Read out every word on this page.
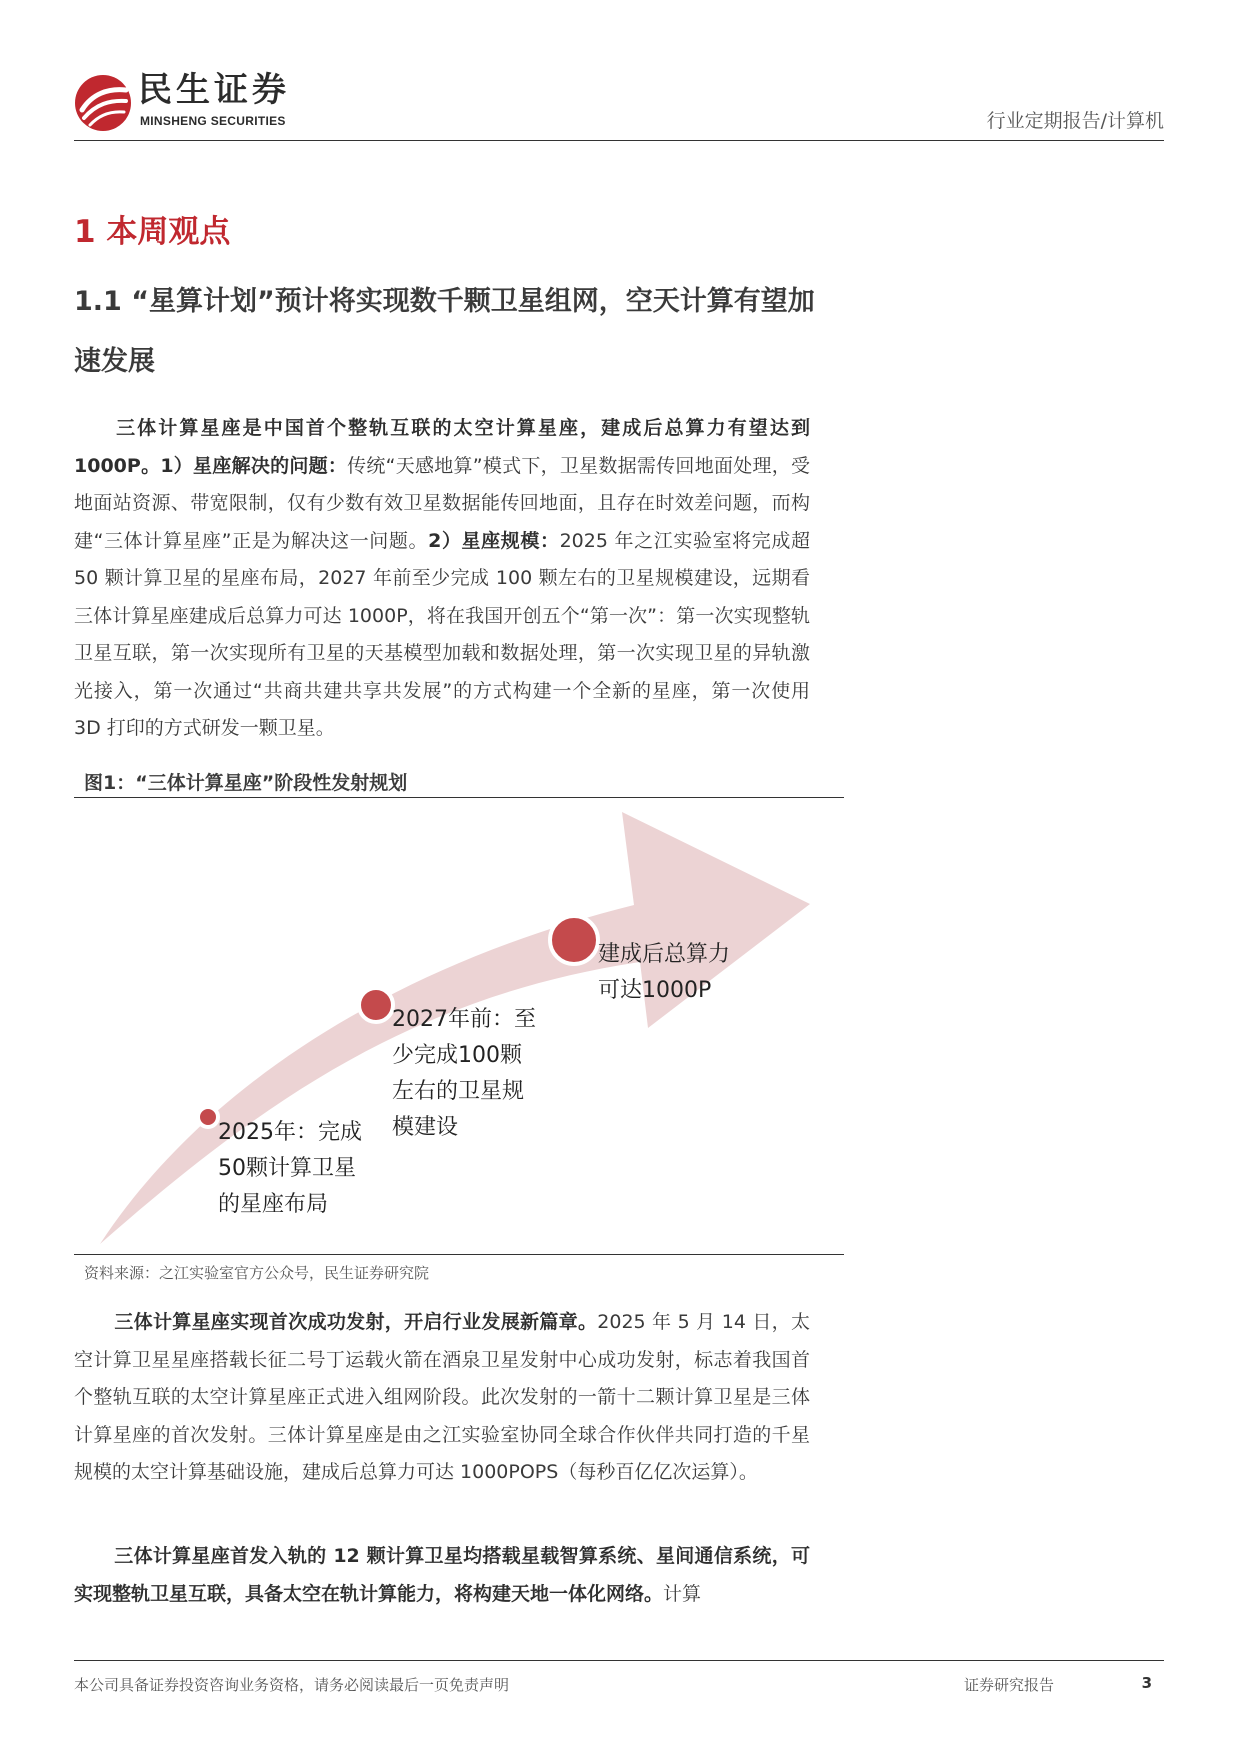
民生证券
MINSHENG SECURITIES	行业定期报告/计算机
1 本周观点
1.1 “星算计划”预计将实现数千颗卫星组网，空天计算有望加速发展
三体计算星座是中国首个整轨互联的太空计算星座，建成后总算力有望达到1000P。1）星座解决的问题：传统“天感地算”模式下，卫星数据需传回地面处理，受地面站资源、带宽限制，仅有少数有效卫星数据能传回地面，且存在时效差问题，而构建“三体计算星座”正是为解决这一问题。2）星座规模：2025 年之江实验室将完成超 50 颗计算卫星的星座布局，2027 年前至少完成 100 颗左右的卫星规模建设，远期看三体计算星座建成后总算力可达 1000P，将在我国开创五个“第一次”：第一次实现整轨卫星互联，第一次实现所有卫星的天基模型加载和数据处理，第一次实现卫星的异轨激光接入，第一次通过“共商共建共享共发展”的方式构建一个全新的星座，第一次使用 3D 打印的方式研发一颗卫星。
图1：“三体计算星座”阶段性发射规划
2025年：完成
50颗计算卫星
的星座布局
2027年前：至
少完成100颗
左右的卫星规
模建设
建成后总算力
可达1000P
资料来源：之江实验室官方公众号，民生证券研究院
三体计算星座实现首次成功发射，开启行业发展新篇章。2025 年 5 月 14 日，太空计算卫星星座搭载长征二号丁运载火箭在酒泉卫星发射中心成功发射，标志着我国首个整轨互联的太空计算星座正式进入组网阶段。此次发射的一箭十二颗计算卫星是三体计算星座的首次发射。三体计算星座是由之江实验室协同全球合作伙伴共同打造的千星规模的太空计算基础设施，建成后总算力可达 1000POPS（每秒百亿亿次运算）。
三体计算星座首发入轨的 12 颗计算卫星均搭载星载智算系统、星间通信系统，可实现整轨卫星互联，具备太空在轨计算能力，将构建天地一体化网络。计算
本公司具备证券投资咨询业务资格，请务必阅读最后一页免责声明	证券研究报告	3
